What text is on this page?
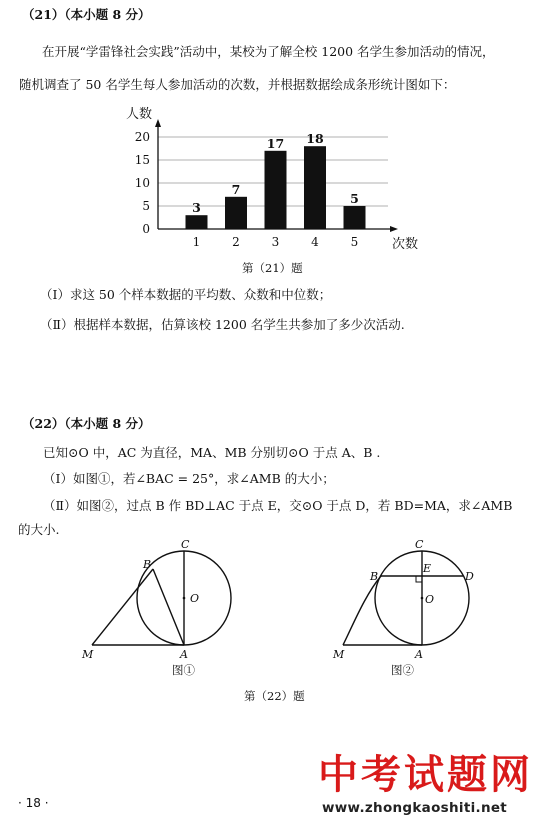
（21）（本小题 8 分）
在开展“学雷锋社会实践”活动中，某校为了解全校 1200 名学生参加活动的情况，
随机调查了 50 名学生每人参加活动的次数，并根据数据绘成条形统计图如下：
0
5
10
15
20
3
1
7
2
17
3
18
4
5
5
人数
次数
第（21）题
（Ⅰ）求这 50 个样本数据的平均数、众数和中位数；
（Ⅱ）根据样本数据，估算该校 1200 名学生共参加了多少次活动.
（22）（本小题 8 分）
已知⊙O 中，AC 为直径，MA、MB 分别切⊙O 于点 A、B .
（Ⅰ）如图①，若∠BAC = 25°，求∠AMB 的大小；
（Ⅱ）如图②，过点 B 作 BD⊥AC 于点 E，交⊙O 于点 D，若 BD=MA，求∠AMB
的大小.
C
B
O
M	A
图①
C
B
E
D
O
M	A
图②
第（22）题
· 18 ·
中考试题网
www.zhongkaoshiti.net
